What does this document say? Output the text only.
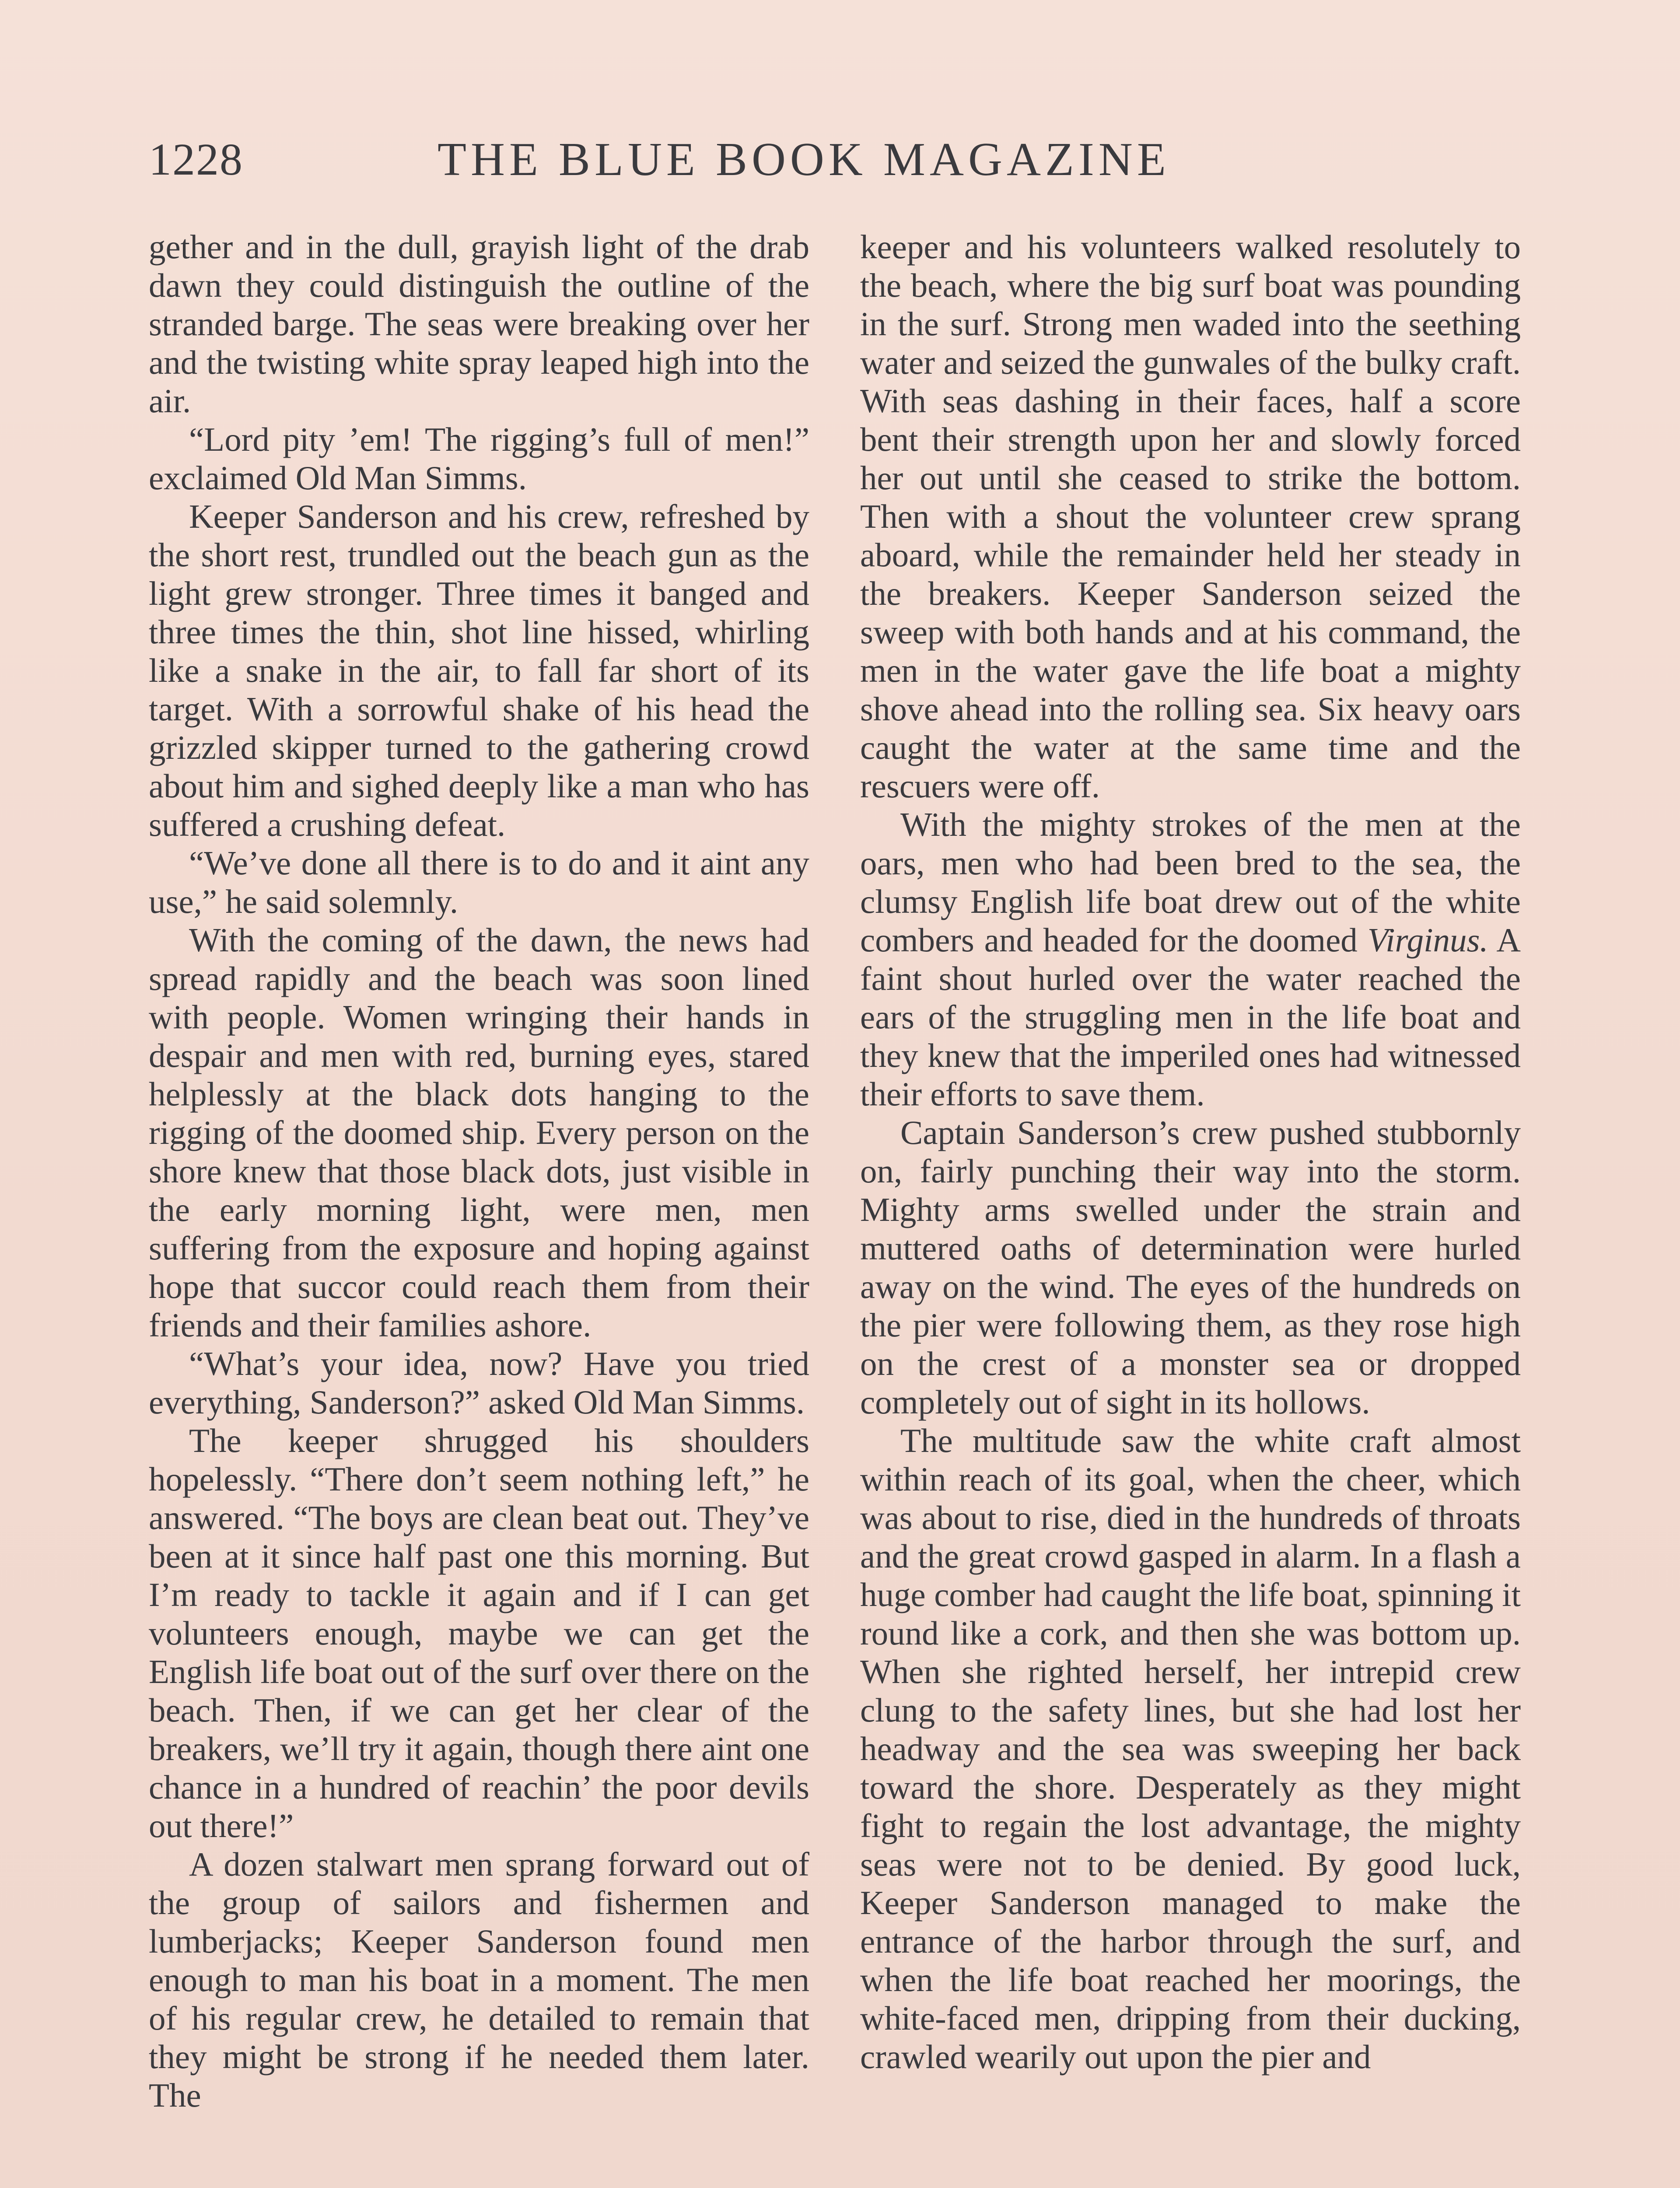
1228	THE BLUE BOOK MAGAZINE

gether and in the dull, grayish light of the drab dawn they could distinguish the outline of the stranded barge. The seas were breaking over her and the twisting white spray leaped high into the air.

“Lord pity ’em! The rigging’s full of men!” exclaimed Old Man Simms.

Keeper Sanderson and his crew, refreshed by the short rest, trundled out the beach gun as the light grew stronger. Three times it banged and three times the thin, shot line hissed, whirling like a snake in the air, to fall far short of its target. With a sorrowful shake of his head the grizzled skipper turned to the gathering crowd about him and sighed deeply like a man who has suffered a crushing defeat.

“We’ve done all there is to do and it aint any use,” he said solemnly.

With the coming of the dawn, the news had spread rapidly and the beach was soon lined with people. Women wringing their hands in despair and men with red, burning eyes, stared helplessly at the black dots hanging to the rigging of the doomed ship. Every person on the shore knew that those black dots, just visible in the early morning light, were men, men suffering from the exposure and hoping against hope that succor could reach them from their friends and their families ashore.

“What’s your idea, now? Have you tried everything, Sanderson?” asked Old Man Simms.

The keeper shrugged his shoulders hopelessly. “There don’t seem nothing left,” he answered. “The boys are clean beat out. They’ve been at it since half past one this morning. But I’m ready to tackle it again and if I can get volunteers enough, maybe we can get the English life boat out of the surf over there on the beach. Then, if we can get her clear of the breakers, we’ll try it again, though there aint one chance in a hundred of reachin’ the poor devils out there!”

A dozen stalwart men sprang forward out of the group of sailors and fishermen and lumberjacks; Keeper Sanderson found men enough to man his boat in a moment. The men of his regular crew, he detailed to remain that they might be strong if he needed them later. The

keeper and his volunteers walked resolutely to the beach, where the big surf boat was pounding in the surf. Strong men waded into the seething water and seized the gunwales of the bulky craft. With seas dashing in their faces, half a score bent their strength upon her and slowly forced her out until she ceased to strike the bottom. Then with a shout the volunteer crew sprang aboard, while the remainder held her steady in the breakers. Keeper Sanderson seized the sweep with both hands and at his command, the men in the water gave the life boat a mighty shove ahead into the rolling sea. Six heavy oars caught the water at the same time and the rescuers were off.

With the mighty strokes of the men at the oars, men who had been bred to the sea, the clumsy English life boat drew out of the white combers and headed for the doomed Virginus. A faint shout hurled over the water reached the ears of the struggling men in the life boat and they knew that the imperiled ones had witnessed their efforts to save them.

Captain Sanderson’s crew pushed stubbornly on, fairly punching their way into the storm. Mighty arms swelled under the strain and muttered oaths of determination were hurled away on the wind. The eyes of the hundreds on the pier were following them, as they rose high on the crest of a monster sea or dropped completely out of sight in its hollows.

The multitude saw the white craft almost within reach of its goal, when the cheer, which was about to rise, died in the hundreds of throats and the great crowd gasped in alarm. In a flash a huge comber had caught the life boat, spinning it round like a cork, and then she was bottom up. When she righted herself, her intrepid crew clung to the safety lines, but she had lost her headway and the sea was sweeping her back toward the shore. Desperately as they might fight to regain the lost advantage, the mighty seas were not to be denied. By good luck, Keeper Sanderson managed to make the entrance of the harbor through the surf, and when the life boat reached her moorings, the white-faced men, dripping from their ducking, crawled wearily out upon the pier and
